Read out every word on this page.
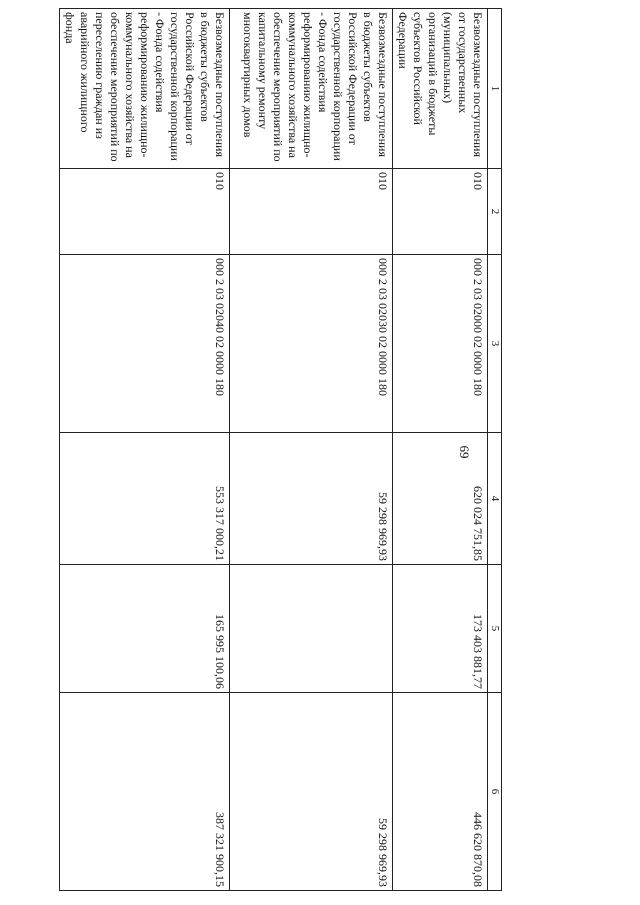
69
1	2	3	4	5	6
Безвозмездные поступления от государственных (муниципальных) организаций в бюджеты субъектов Российской Федерации	010	000 2 03 02000 02 0000 180	620 024 751,85	173 403 881,77	446 620 870,08
Безвозмездные поступления в бюджеты субъектов Российской Федерации от государственной корпорации - Фонда содействия реформированию жилищно-коммунального хозяйства на обеспечение мероприятий по капитальному ремонту многоквартирных домов	010	000 2 03 02030 02 0000 180	59 298 969,93		59 298 969,93
Безвозмездные поступления в бюджеты субъектов Российской Федерации от государственной корпорации - Фонда содействия реформированию жилищно-коммунального хозяйства на обеспечение мероприятий по переселению граждан из аварийного жилищного фонда	010	000 2 03 02040 02 0000 180	553 317 000,21	165 995 100,06	387 321 900,15
